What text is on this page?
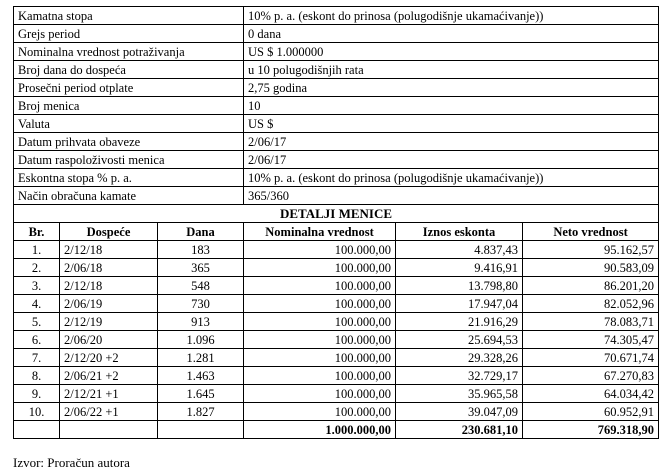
Kamatna stopa			10% p. a. (eskont do prinosa (polugodišnje ukamaćivanje))		
Grejs period			0 dana		
Nominalna vrednost potraživanja			US $ 1.000000		
Broj dana do dospeća			u 10 polugodišnjih rata		
Prosečni period otplate			2,75 godina		
Broj menica			10		
Valuta			US $		
Datum prihvata obaveze			2/06/17		
Datum raspoloživosti menica			2/06/17		
Eskontna stopa % p. a.			10% p. a. (eskont do prinosa (polugodišnje ukamaćivanje))		
Način obračuna kamate			365/360		
DETALJI MENICE					
Br.	Dospeće	Dana	Nominalna vrednost	Iznos eskonta	Neto vrednost
1.	2/12/18	183	100.000,00	4.837,43	95.162,57
2.	2/06/18	365	100.000,00	9.416,91	90.583,09
3.	2/12/18	548	100.000,00	13.798,80	86.201,20
4.	2/06/19	730	100.000,00	17.947,04	82.052,96
5.	2/12/19	913	100.000,00	21.916,29	78.083,71
6.	2/06/20	1.096	100.000,00	25.694,53	74.305,47
7.	2/12/20 +2	1.281	100.000,00	29.328,26	70.671,74
8.	2/06/21 +2	1.463	100.000,00	32.729,17	67.270,83
9.	2/12/21 +1	1.645	100.000,00	35.965,58	64.034,42
10.	2/06/22 +1	1.827	100.000,00	39.047,09	60.952,91
			1.000.000,00	230.681,10	769.318,90
Izvor: Proračun autora
